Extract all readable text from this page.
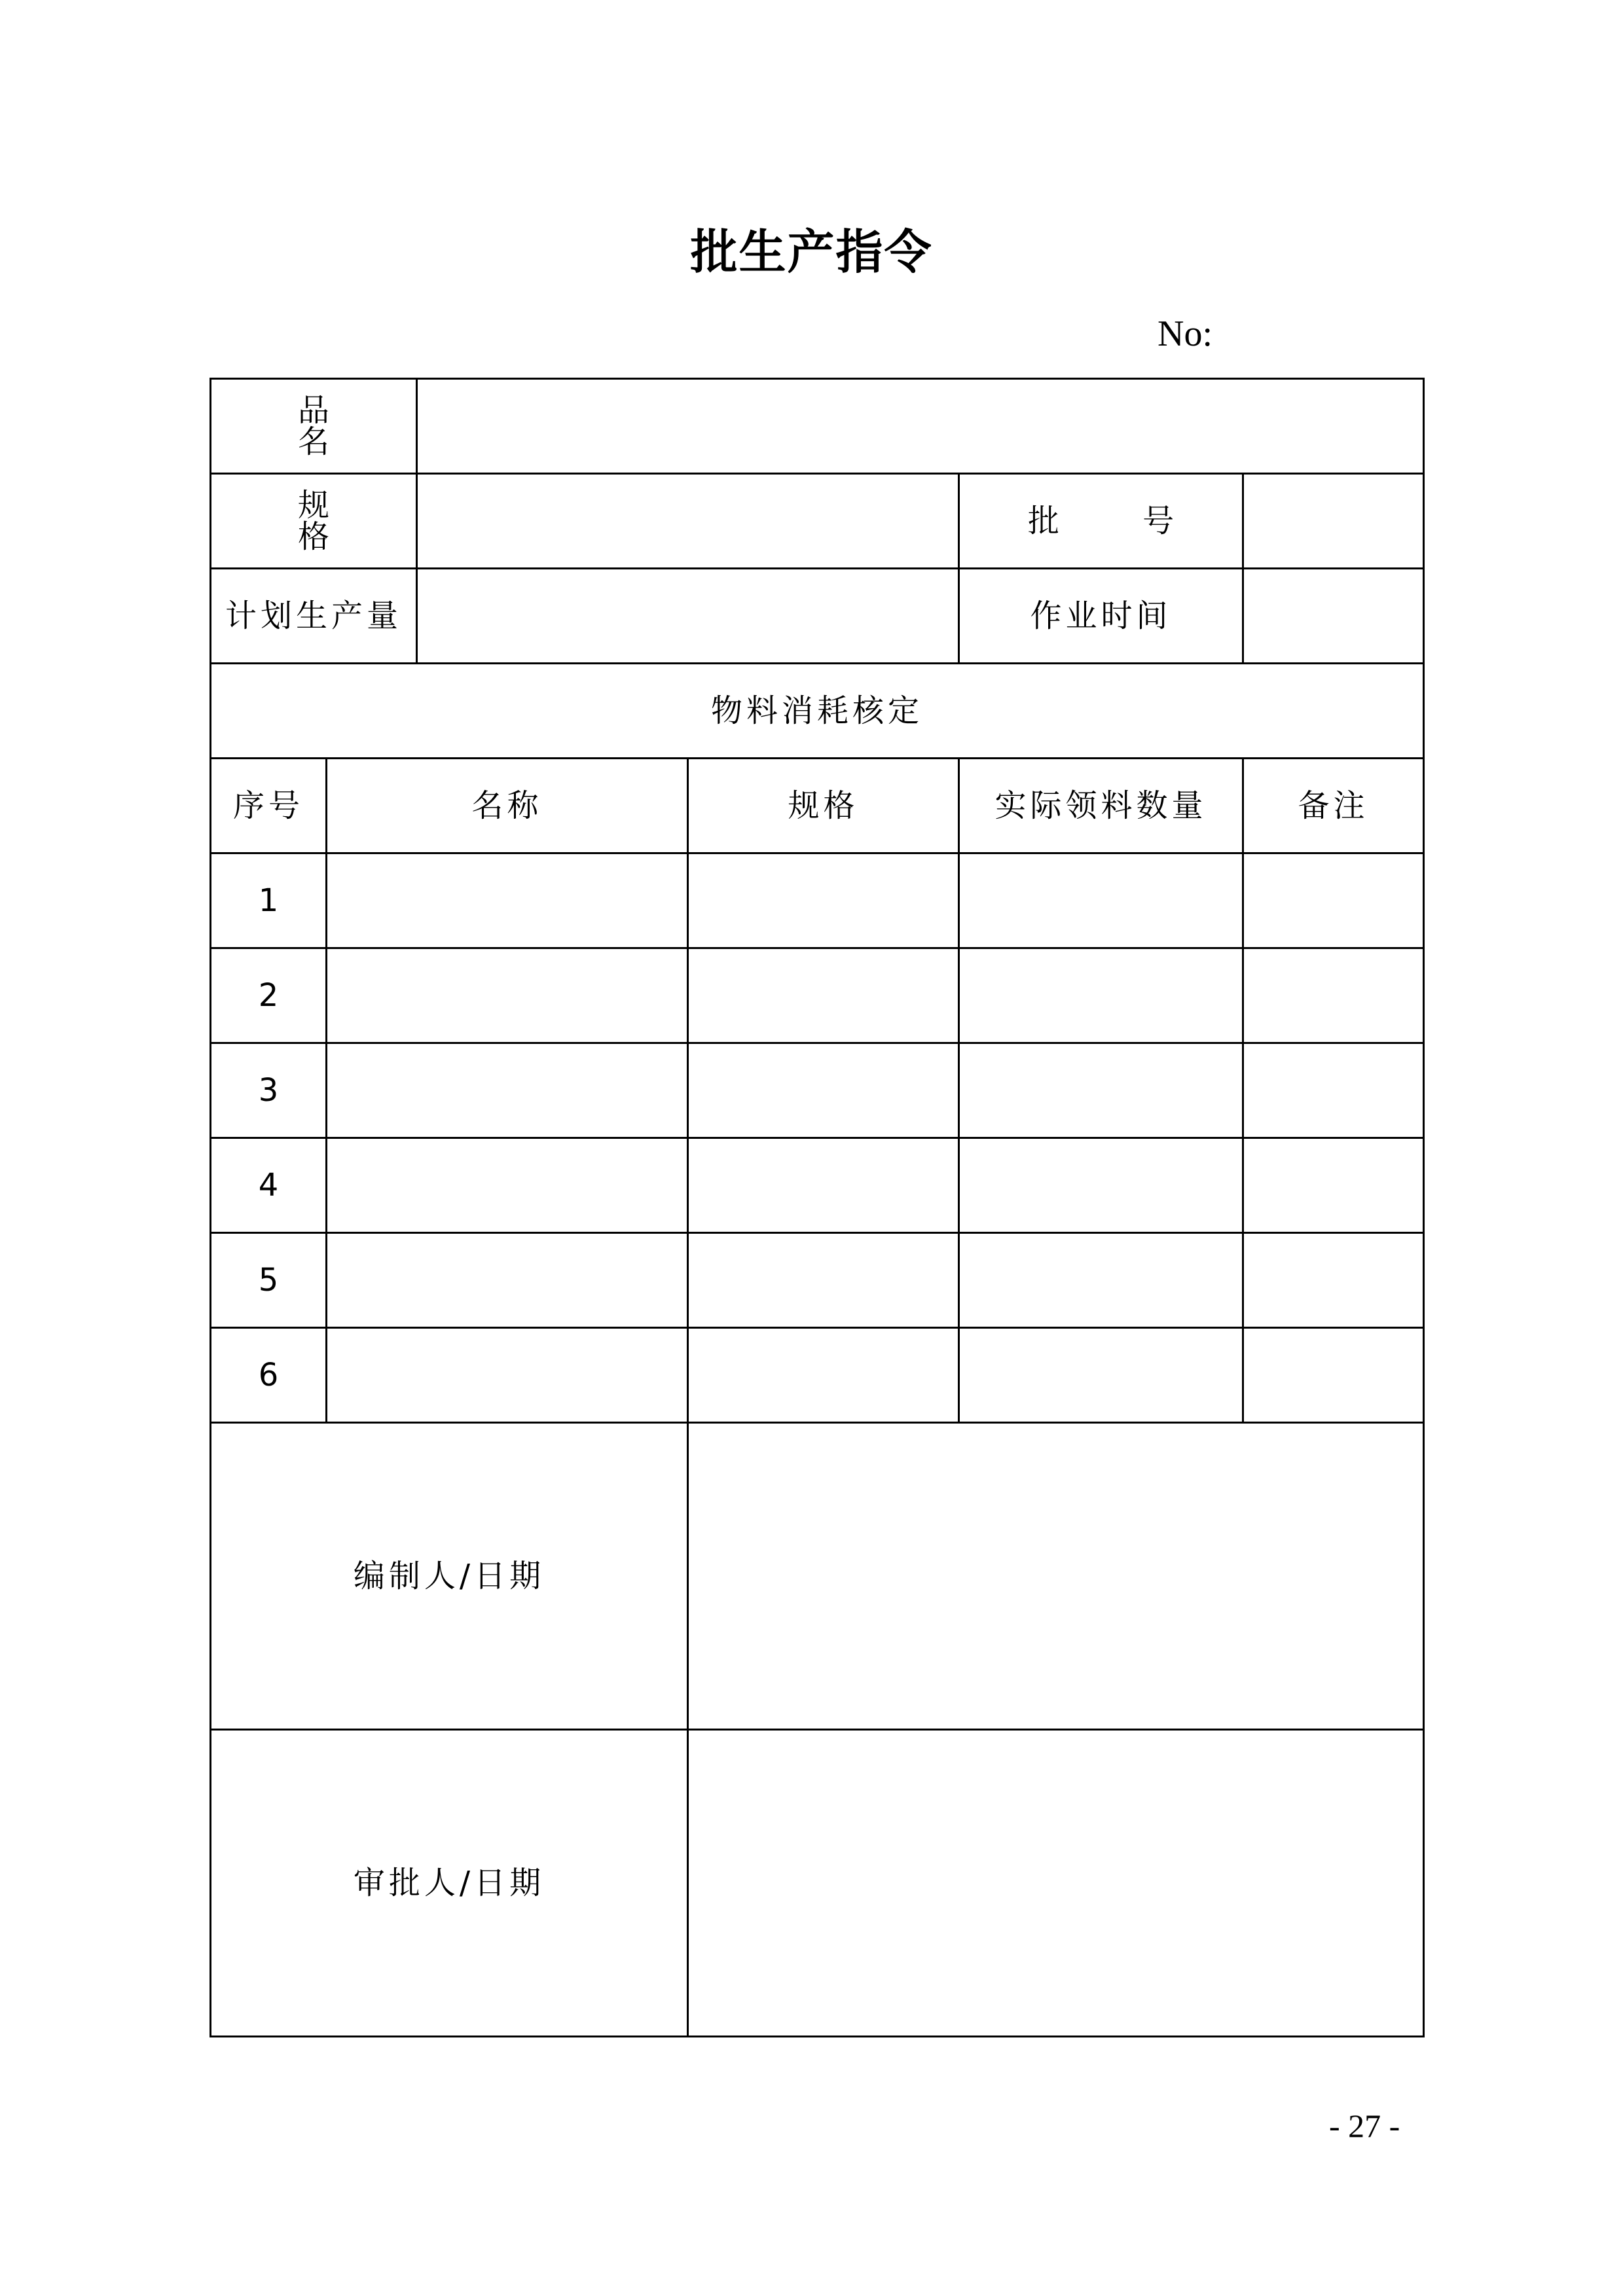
批生产指令
No:
品 名					
规 格				批 号	
计划生产量				作业时间	
物料消耗核定					
序号	名称		规格	实际领料数量	备注
1					
2					
3					
4					
5					
6					
编制人/日期					
审批人/日期					
- 27 -
